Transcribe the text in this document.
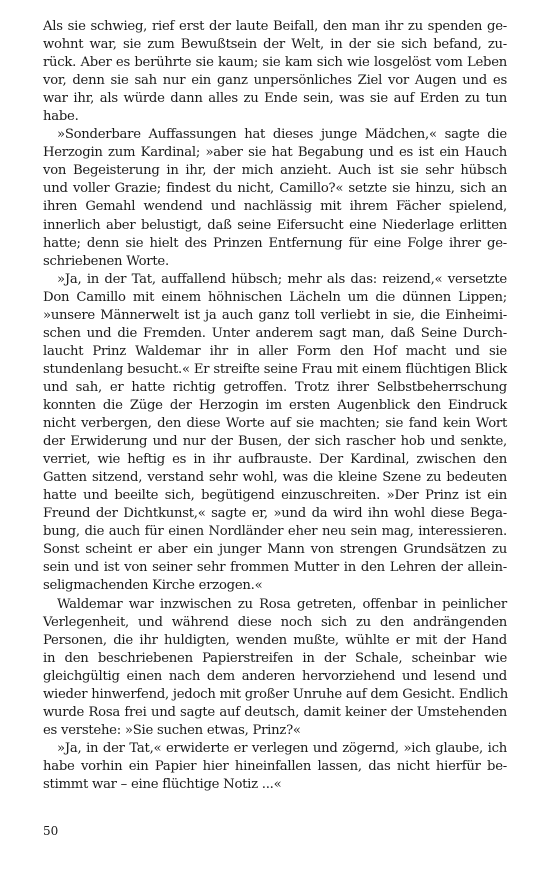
Als sie schwieg, rief erst der laute Beifall, den man ihr zu spenden ge-
wohnt war, sie zum Bewußtsein der Welt, in der sie sich befand, zu-
rück. Aber es berührte sie kaum; sie kam sich wie losgelöst vom Leben
vor, denn sie sah nur ein ganz unpersönliches Ziel vor Augen und es
war ihr, als würde dann alles zu Ende sein, was sie auf Erden zu tun
habe.
»Sonderbare Auffassungen hat dieses junge Mädchen,« sagte die
Herzogin zum Kardinal; »aber sie hat Begabung und es ist ein Hauch
von Begeisterung in ihr, der mich anzieht. Auch ist sie sehr hübsch
und voller Grazie; findest du nicht, Camillo?« setzte sie hinzu, sich an
ihren Gemahl wendend und nachlässig mit ihrem Fächer spielend,
innerlich aber belustigt, daß seine Eifersucht eine Niederlage erlitten
hatte; denn sie hielt des Prinzen Entfernung für eine Folge ihrer ge-
schriebenen Worte.
»Ja, in der Tat, auffallend hübsch; mehr als das: reizend,« versetzte
Don Camillo mit einem höhnischen Lächeln um die dünnen Lippen;
»unsere Männerwelt ist ja auch ganz toll verliebt in sie, die Einheimi-
schen und die Fremden. Unter anderem sagt man, daß Seine Durch-
laucht Prinz Waldemar ihr in aller Form den Hof macht und sie
stundenlang besucht.« Er streifte seine Frau mit einem flüchtigen Blick
und sah, er hatte richtig getroffen. Trotz ihrer Selbstbeherrschung
konnten die Züge der Herzogin im ersten Augenblick den Eindruck
nicht verbergen, den diese Worte auf sie machten; sie fand kein Wort
der Erwiderung und nur der Busen, der sich rascher hob und senkte,
verriet, wie heftig es in ihr aufbrauste. Der Kardinal, zwischen den
Gatten sitzend, verstand sehr wohl, was die kleine Szene zu bedeuten
hatte und beeilte sich, begütigend einzuschreiten. »Der Prinz ist ein
Freund der Dichtkunst,« sagte er, »und da wird ihn wohl diese Bega-
bung, die auch für einen Nordländer eher neu sein mag, interessieren.
Sonst scheint er aber ein junger Mann von strengen Grundsätzen zu
sein und ist von seiner sehr frommen Mutter in den Lehren der allein-
seligmachenden Kirche erzogen.«
Waldemar war inzwischen zu Rosa getreten, offenbar in peinlicher
Verlegenheit, und während diese noch sich zu den andrängenden
Personen, die ihr huldigten, wenden mußte, wühlte er mit der Hand
in den beschriebenen Papierstreifen in der Schale, scheinbar wie
gleichgültig einen nach dem anderen hervorziehend und lesend und
wieder hinwerfend, jedoch mit großer Unruhe auf dem Gesicht. Endlich
wurde Rosa frei und sagte auf deutsch, damit keiner der Umstehenden
es verstehe: »Sie suchen etwas, Prinz?«
»Ja, in der Tat,« erwiderte er verlegen und zögernd, »ich glaube, ich
habe vorhin ein Papier hier hineinfallen lassen, das nicht hierfür be-
stimmt war – eine flüchtige Notiz ...«
50
